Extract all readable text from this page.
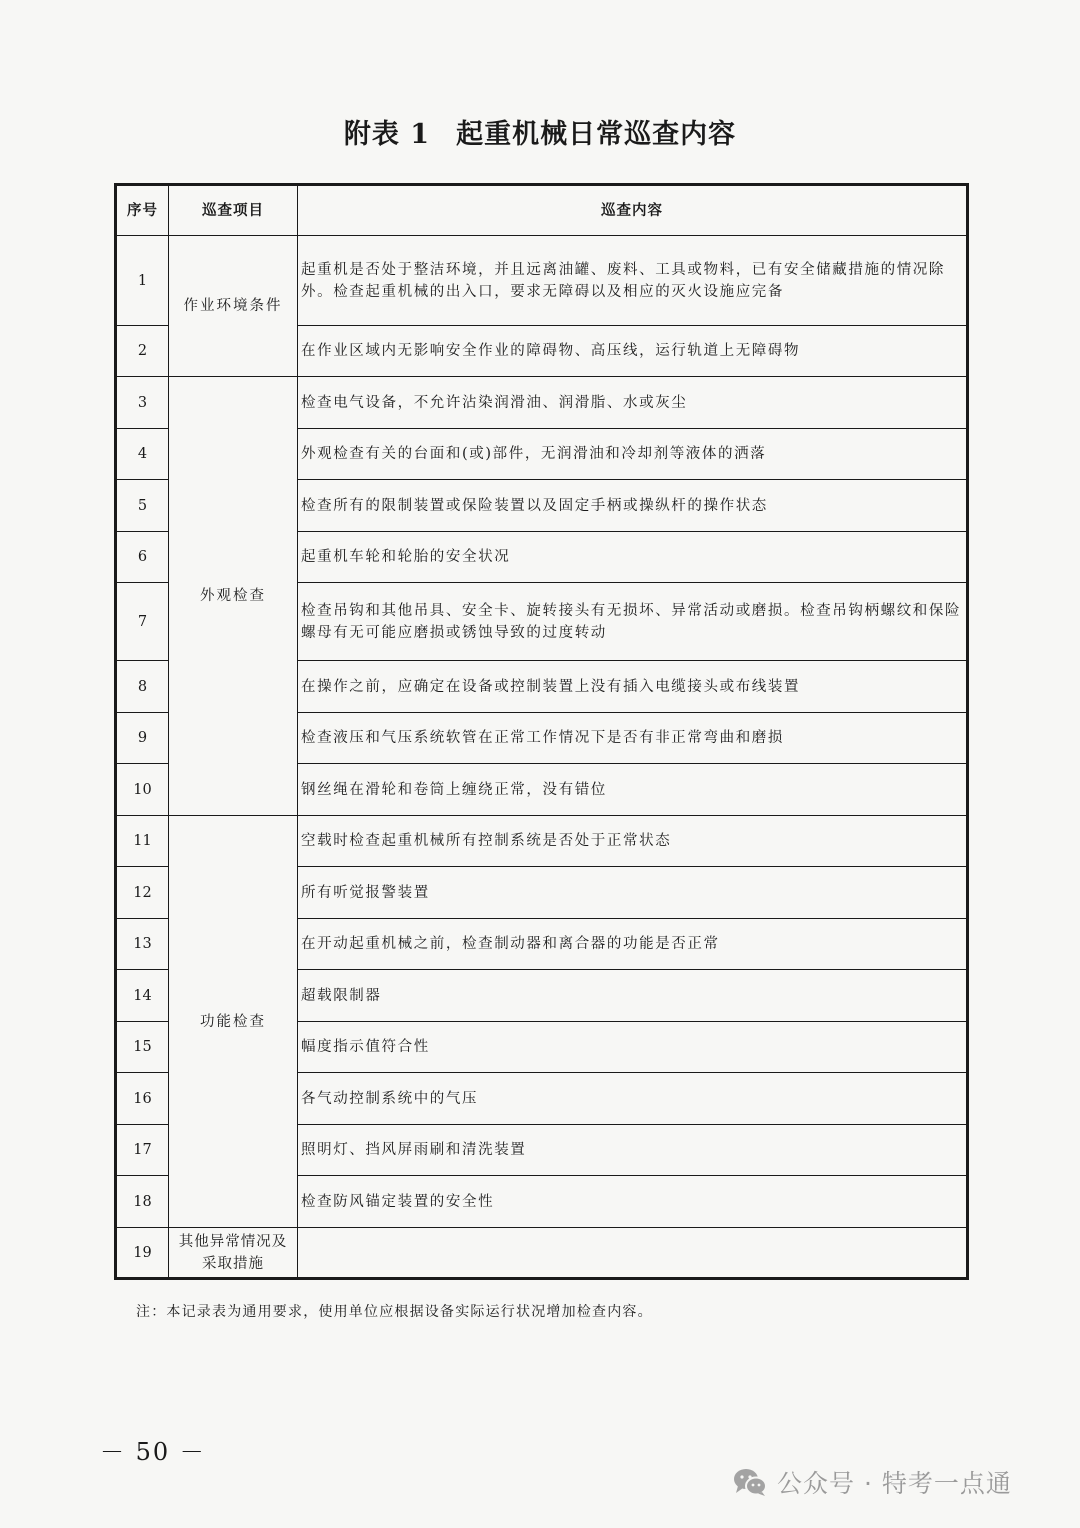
附表 1 起重机械日常巡查内容
序号	巡查项目	巡查内容
1	作业环境条件	起重机是否处于整洁环境，并且远离油罐、废料、工具或物料，已有安全储藏措施的情况除外。检查起重机械的出入口，要求无障碍以及相应的灭火设施应完备
2		在作业区域内无影响安全作业的障碍物、高压线，运行轨道上无障碍物
3	外观检查	检查电气设备，不允许沾染润滑油、润滑脂、水或灰尘
4		外观检查有关的台面和(或)部件，无润滑油和冷却剂等液体的洒落
5		检查所有的限制装置或保险装置以及固定手柄或操纵杆的操作状态
6		起重机车轮和轮胎的安全状况
7		检查吊钩和其他吊具、安全卡、旋转接头有无损坏、异常活动或磨损。检查吊钩柄螺纹和保险螺母有无可能应磨损或锈蚀导致的过度转动
8		在操作之前，应确定在设备或控制装置上没有插入电缆接头或布线装置
9		检查液压和气压系统软管在正常工作情况下是否有非正常弯曲和磨损
10		钢丝绳在滑轮和卷筒上缠绕正常，没有错位
11	功能检查	空载时检查起重机械所有控制系统是否处于正常状态
12		所有听觉报警装置
13		在开动起重机械之前，检查制动器和离合器的功能是否正常
14		超载限制器
15		幅度指示值符合性
16		各气动控制系统中的气压
17		照明灯、挡风屏雨刷和清洗装置
18		检查防风锚定装置的安全性
19	其他异常情况及采取措施	
注：本记录表为通用要求，使用单位应根据设备实际运行状况增加检查内容。
－ 50 －
公众号 · 特考一点通
